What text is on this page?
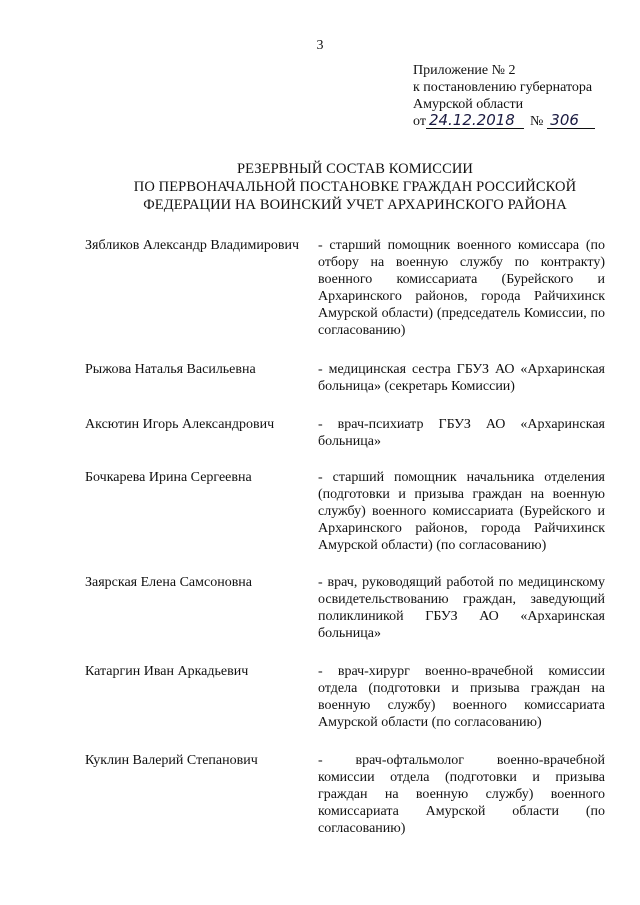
3
Приложение № 2
к постановлению губернатора
Амурской области
от 24.12.2018	№ 306
РЕЗЕРВНЫЙ СОСТАВ КОМИССИИ
ПО ПЕРВОНАЧАЛЬНОЙ ПОСТАНОВКЕ ГРАЖДАН РОССИЙСКОЙ
ФЕДЕРАЦИИ НА ВОИНСКИЙ УЧЕТ АРХАРИНСКОГО РАЙОНА
Зябликов Александр Владимирович	- старший помощник военного комиссара (по отбору на военную службу по контракту) военного комиссариата (Бурейского и Архаринского районов, города Райчихинск Амурской области) (председатель Комиссии, по согласованию)
Рыжова Наталья Васильевна	- медицинская сестра ГБУЗ АО «Архаринская больница» (секретарь Комиссии)
Аксютин Игорь Александрович	- врач-психиатр ГБУЗ АО «Архаринская больница»
Бочкарева Ирина Сергеевна	- старший помощник начальника отделения (подготовки и призыва граждан на военную службу) военного комиссариата (Бурейского и Архаринского районов, города Райчихинск Амурской области) (по согласованию)
Заярская Елена Самсоновна	- врач, руководящий работой по медицинскому освидетельствованию граждан, заведующий поликлиникой ГБУЗ АО «Архаринская больница»
Катаргин Иван Аркадьевич	- врач-хирург военно-врачебной комиссии отдела (подготовки и призыва граждан на военную службу) военного комиссариата Амурской области (по согласованию)
Куклин Валерий Степанович	- врач-офтальмолог военно-врачебной комиссии отдела (подготовки и призыва граждан на военную службу) военного комиссариата Амурской области (по согласованию)
